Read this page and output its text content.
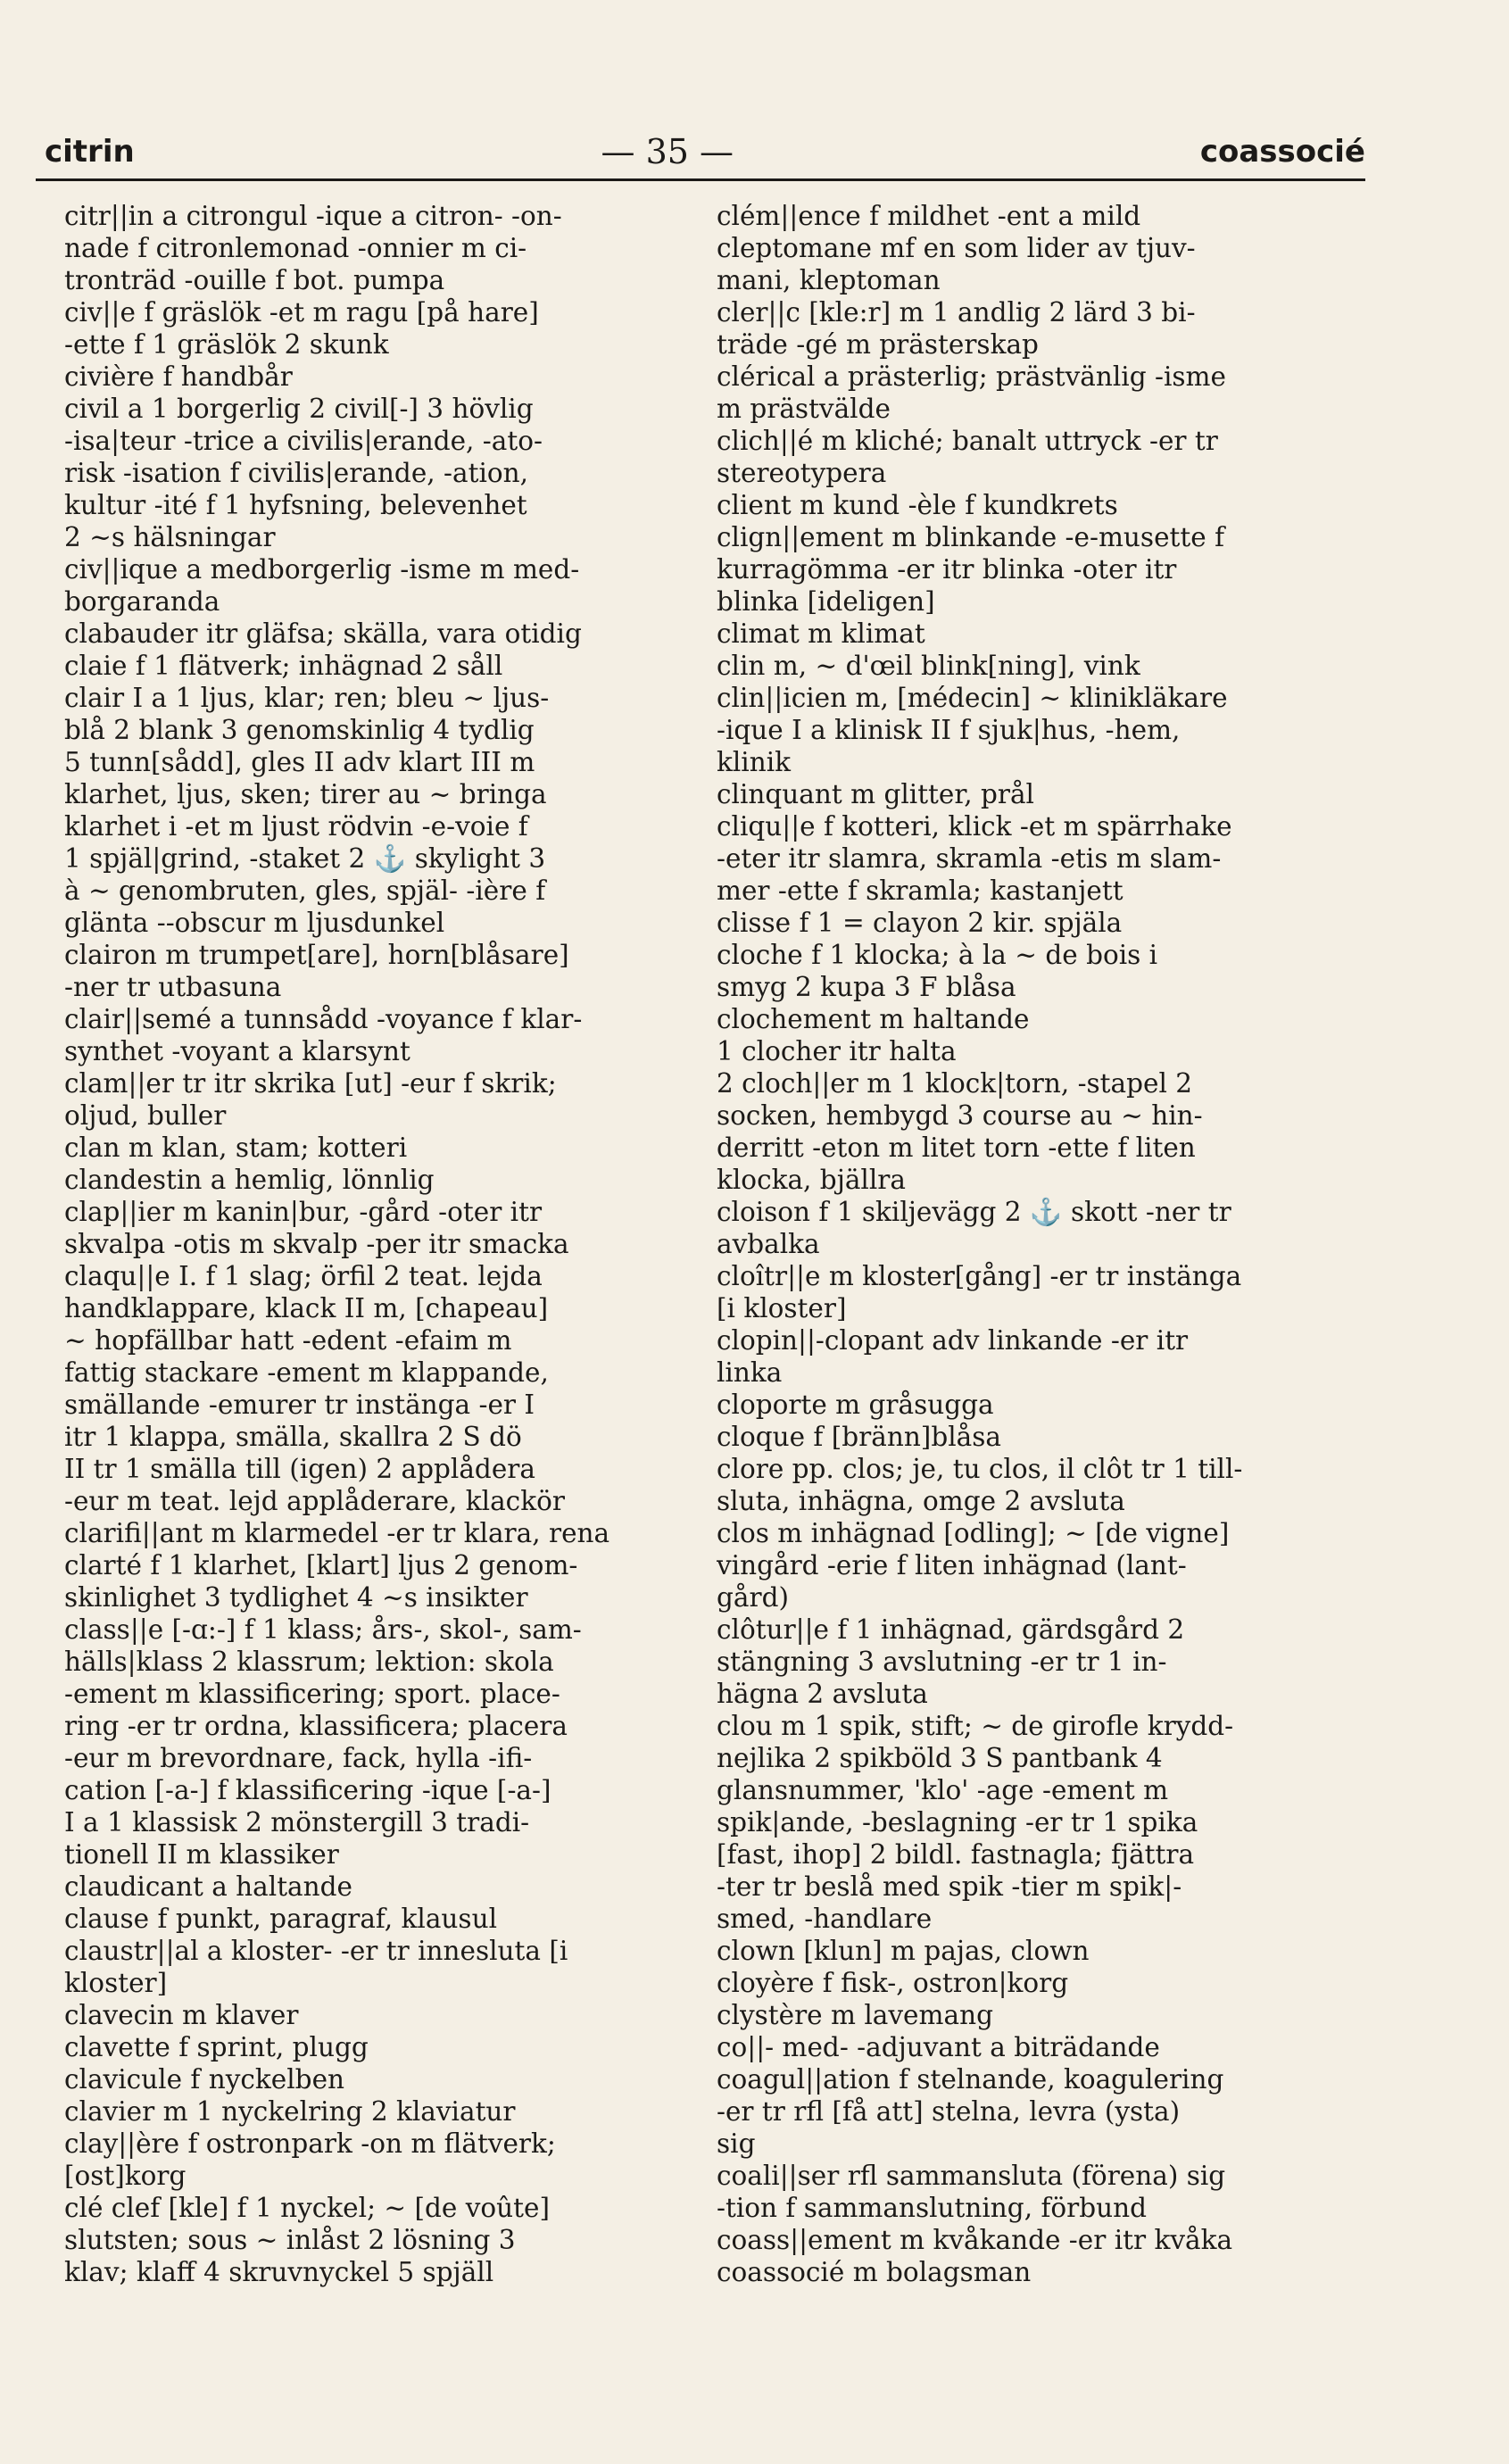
citrin	— 35 —	coassocié
citr||in a citrongul -ique a citron- -on-
nade f citronlemonad -onnier m ci-
tronträd -ouille f bot. pumpa
civ||e f gräslök -et m ragu [på hare]
-ette f 1 gräslök 2 skunk
civière f handbår
civil a 1 borgerlig 2 civil[-] 3 hövlig
-isa|teur -trice a civilis|erande, -ato-
risk -isation f civilis|erande, -ation,
kultur -ité f 1 hyfsning, belevenhet
2 ~s hälsningar
civ||ique a medborgerlig -isme m med-
borgaranda
clabauder itr gläfsa; skälla, vara otidig
claie f 1 flätverk; inhägnad 2 såll
clair I a 1 ljus, klar; ren; bleu ~ ljus-
blå 2 blank 3 genomskinlig 4 tydlig
5 tunn[sådd], gles II adv klart III m
klarhet, ljus, sken; tirer au ~ bringa
klarhet i -et m ljust rödvin -e-voie f
1 spjäl|grind, -staket 2 ⚓ skylight 3
à ~ genombruten, gles, spjäl- -ière f
glänta --obscur m ljusdunkel
clairon m trumpet[are], horn[blåsare]
-ner tr utbasuna
clair||semé a tunnsådd -voyance f klar-
synthet -voyant a klarsynt
clam||er tr itr skrika [ut] -eur f skrik;
oljud, buller
clan m klan, stam; kotteri
clandestin a hemlig, lönnlig
clap||ier m kanin|bur, -gård -oter itr
skvalpa -otis m skvalp -per itr smacka
claqu||e I. f 1 slag; örfil 2 teat. lejda
handklappare, klack II m, [chapeau]
~ hopfällbar hatt -edent -efaim m
fattig stackare -ement m klappande,
smällande -emurer tr instänga -er I
itr 1 klappa, smälla, skallra 2 S dö
II tr 1 smälla till (igen) 2 applådera
-eur m teat. lejd applåderare, klackör
clarifi||ant m klarmedel -er tr klara, rena
clarté f 1 klarhet, [klart] ljus 2 genom-
skinlighet 3 tydlighet 4 ~s insikter
class||e [-ɑ:-] f 1 klass; års-, skol-, sam-
hälls|klass 2 klassrum; lektion: skola
-ement m klassificering; sport. place-
ring -er tr ordna, klassificera; placera
-eur m brevordnare, fack, hylla -ifi-
cation [-a-] f klassificering -ique [-a-]
I a 1 klassisk 2 mönstergill 3 tradi-
tionell II m klassiker
claudicant a haltande
clause f punkt, paragraf, klausul
claustr||al a kloster- -er tr innesluta [i
kloster]
clavecin m klaver
clavette f sprint, plugg
clavicule f nyckelben
clavier m 1 nyckelring 2 klaviatur
clay||ère f ostronpark -on m flätverk;
[ost]korg
clé clef [kle] f 1 nyckel; ~ [de voûte]
slutsten; sous ~ inlåst 2 lösning 3
klav; klaff 4 skruvnyckel 5 spjäll
clém||ence f mildhet -ent a mild
cleptomane mf en som lider av tjuv-
mani, kleptoman
cler||c [kle:r] m 1 andlig 2 lärd 3 bi-
träde -gé m prästerskap
clérical a prästerlig; prästvänlig -isme
m prästvälde
clich||é m kliché; banalt uttryck -er tr
stereotypera
client m kund -èle f kundkrets
clign||ement m blinkande -e-musette f
kurragömma -er itr blinka -oter itr
blinka [ideligen]
climat m klimat
clin m, ~ d'œil blink[ning], vink
clin||icien m, [médecin] ~ klinikläkare
-ique I a klinisk II f sjuk|hus, -hem,
klinik
clinquant m glitter, prål
cliqu||e f kotteri, klick -et m spärrhake
-eter itr slamra, skramla -etis m slam-
mer -ette f skramla; kastanjett
clisse f 1 = clayon 2 kir. spjäla
cloche f 1 klocka; à la ~ de bois i
smyg 2 kupa 3 F blåsa
clochement m haltande
1 clocher itr halta
2 cloch||er m 1 klock|torn, -stapel 2
socken, hembygd 3 course au ~ hin-
derritt -eton m litet torn -ette f liten
klocka, bjällra
cloison f 1 skiljevägg 2 ⚓ skott -ner tr
avbalka
cloîtr||e m kloster[gång] -er tr instänga
[i kloster]
clopin||-clopant adv linkande -er itr
linka
cloporte m gråsugga
cloque f [bränn]blåsa
clore pp. clos; je, tu clos, il clôt tr 1 till-
sluta, inhägna, omge 2 avsluta
clos m inhägnad [odling]; ~ [de vigne]
vingård -erie f liten inhägnad (lant-
gård)
clôtur||e f 1 inhägnad, gärdsgård 2
stängning 3 avslutning -er tr 1 in-
hägna 2 avsluta
clou m 1 spik, stift; ~ de girofle krydd-
nejlika 2 spikböld 3 S pantbank 4
glansnummer, 'klo' -age -ement m
spik|ande, -beslagning -er tr 1 spika
[fast, ihop] 2 bildl. fastnagla; fjättra
-ter tr beslå med spik -tier m spik|-
smed, -handlare
clown [klun] m pajas, clown
cloyère f fisk-, ostron|korg
clystère m lavemang
co||- med- -adjuvant a biträdande
coagul||ation f stelnande, koagulering
-er tr rfl [få att] stelna, levra (ysta)
sig
coali||ser rfl sammansluta (förena) sig
-tion f sammanslutning, förbund
coass||ement m kvåkande -er itr kvåka
coassocié m bolagsman
